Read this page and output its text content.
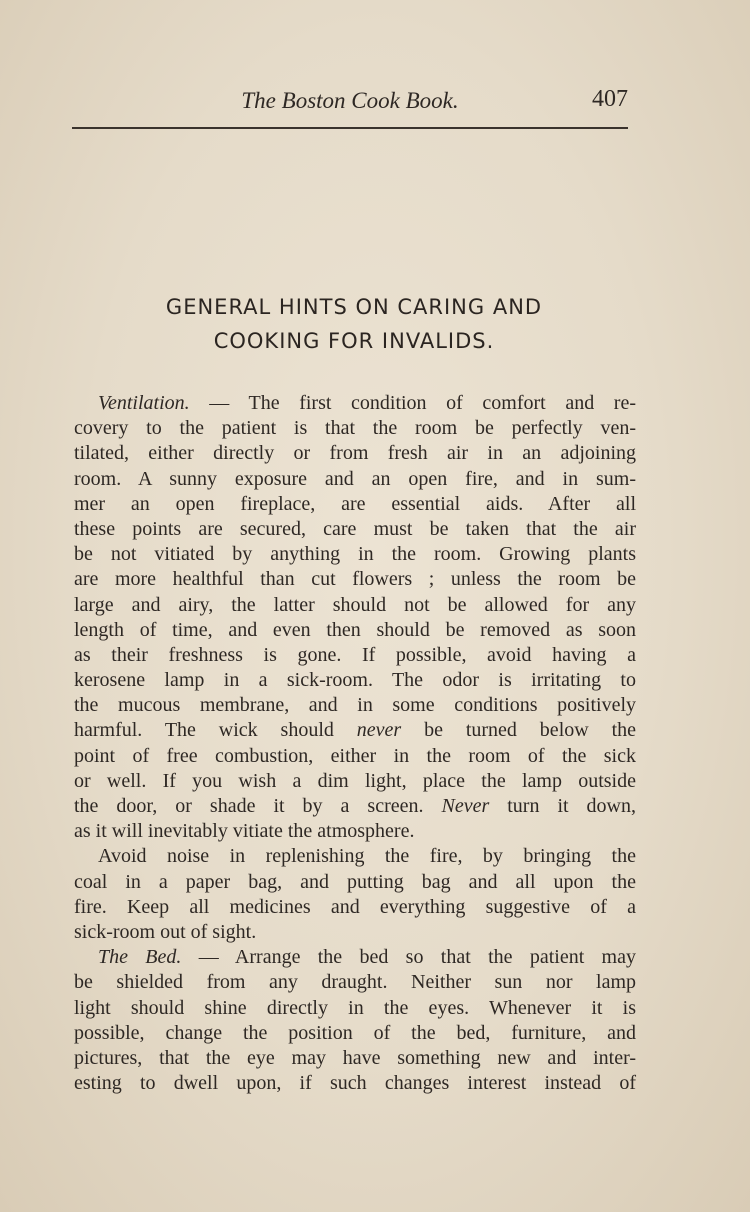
The Boston Cook Book.	407
GENERAL HINTS ON CARING AND
COOKING FOR INVALIDS.
Ventilation. — The first condition of comfort and re-
covery to the patient is that the room be perfectly ven-
tilated, either directly or from fresh air in an adjoining
room. A sunny exposure and an open fire, and in sum-
mer an open fireplace, are essential aids. After all
these points are secured, care must be taken that the air
be not vitiated by anything in the room. Growing plants
are more healthful than cut flowers ; unless the room be
large and airy, the latter should not be allowed for any
length of time, and even then should be removed as soon
as their freshness is gone. If possible, avoid having a
kerosene lamp in a sick-room. The odor is irritating to
the mucous membrane, and in some conditions positively
harmful. The wick should never be turned below the
point of free combustion, either in the room of the sick
or well. If you wish a dim light, place the lamp outside
the door, or shade it by a screen. Never turn it down,
as it will inevitably vitiate the atmosphere.
Avoid noise in replenishing the fire, by bringing the
coal in a paper bag, and putting bag and all upon the
fire. Keep all medicines and everything suggestive of a
sick-room out of sight.
The Bed. — Arrange the bed so that the patient may
be shielded from any draught. Neither sun nor lamp
light should shine directly in the eyes. Whenever it is
possible, change the position of the bed, furniture, and
pictures, that the eye may have something new and inter-
esting to dwell upon, if such changes interest instead of
